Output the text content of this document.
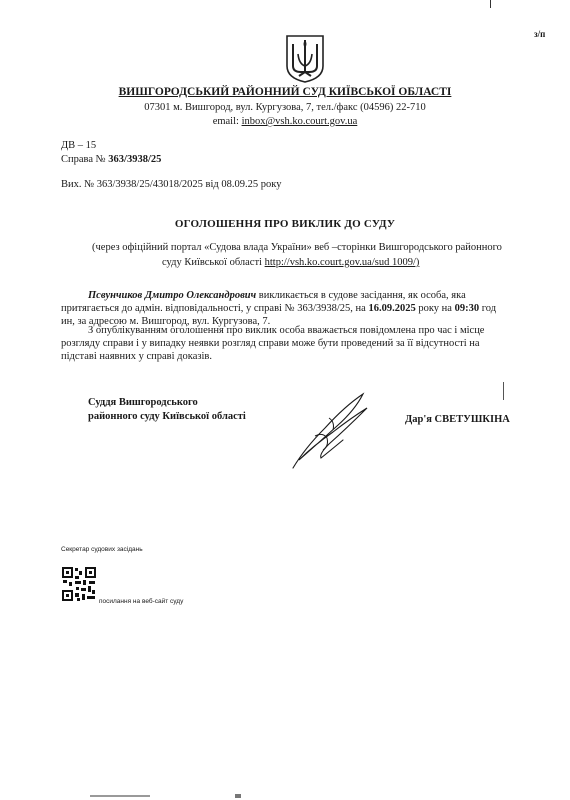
з/п
ВИШГОРОДСЬКИЙ РАЙОННИЙ СУД КИЇВСЬКОЇ ОБЛАСТІ
07301 м. Вишгород, вул. Кургузова, 7, тел./факс (04596) 22-710
email: inbox@vsh.ko.court.gov.ua
ДВ – 15
Справа № 363/3938/25
Вих. № 363/3938/25/43018/2025 від 08.09.25 року
ОГОЛОШЕННЯ ПРО ВИКЛИК ДО СУДУ
(через офіційний портал «Судова влада України» веб –сторінки Вишгородського районного
суду Київської області http://vsh.ko.court.gov.ua/sud 1009/)
Псвунчиков Дмитро Олександрович викликається в судове засідання, як особа, яка
притягається до адмін. відповідальності, у справі № 363/3938/25, на 16.09.2025 року на 09:30 год
ин, за адресою м. Вишгород, вул. Кургузова, 7.
З опублікуванням оголошення про виклик особа вважається повідомлена про час і місце
розгляду справи і у випадку неявки розгляд справи може бути проведений за її відсутності на
підставі наявних у справі доказів.
Суддя Вишгородського
районного суду Київської області	Дар'я СВЕТУШКІНА
Секретар судових засідань
посилання на веб-сайт суду
